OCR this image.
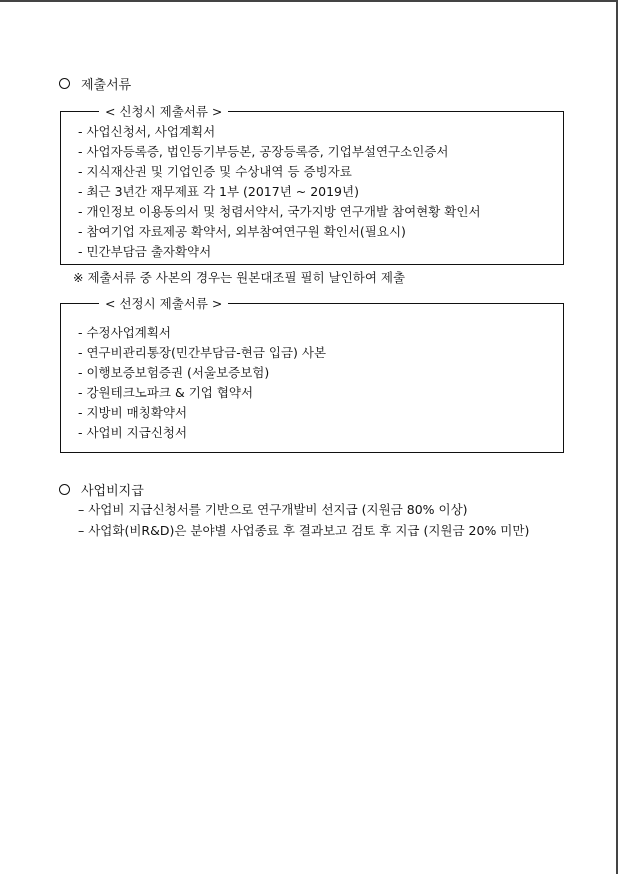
제출서류
< 신청시 제출서류 >
- 사업신청서, 사업계획서
- 사업자등록증, 법인등기부등본, 공장등록증, 기업부설연구소인증서
- 지식재산권 및 기업인증 및 수상내역 등 증빙자료
- 최근 3년간 재무제표 각 1부 (2017년 ~ 2019년)
- 개인정보 이용동의서 및 청렴서약서, 국가지방 연구개발 참여현황 확인서
- 참여기업 자료제공 확약서, 외부참여연구원 확인서(필요시)
- 민간부담금 출자확약서
※ 제출서류 중 사본의 경우는 원본대조필 필히 날인하여 제출
< 선정시 제출서류 >
- 수정사업계획서
- 연구비관리통장(민간부담금-현금 입금) 사본
- 이행보증보험증권 (서울보증보험)
- 강원테크노파크 & 기업 협약서
- 지방비 매칭확약서
- 사업비 지급신청서
사업비지급
– 사업비 지급신청서를 기반으로 연구개발비 선지급 (지원금 80% 이상)
– 사업화(비R&D)은 분야별 사업종료 후 결과보고 검토 후 지급 (지원금 20% 미만)
